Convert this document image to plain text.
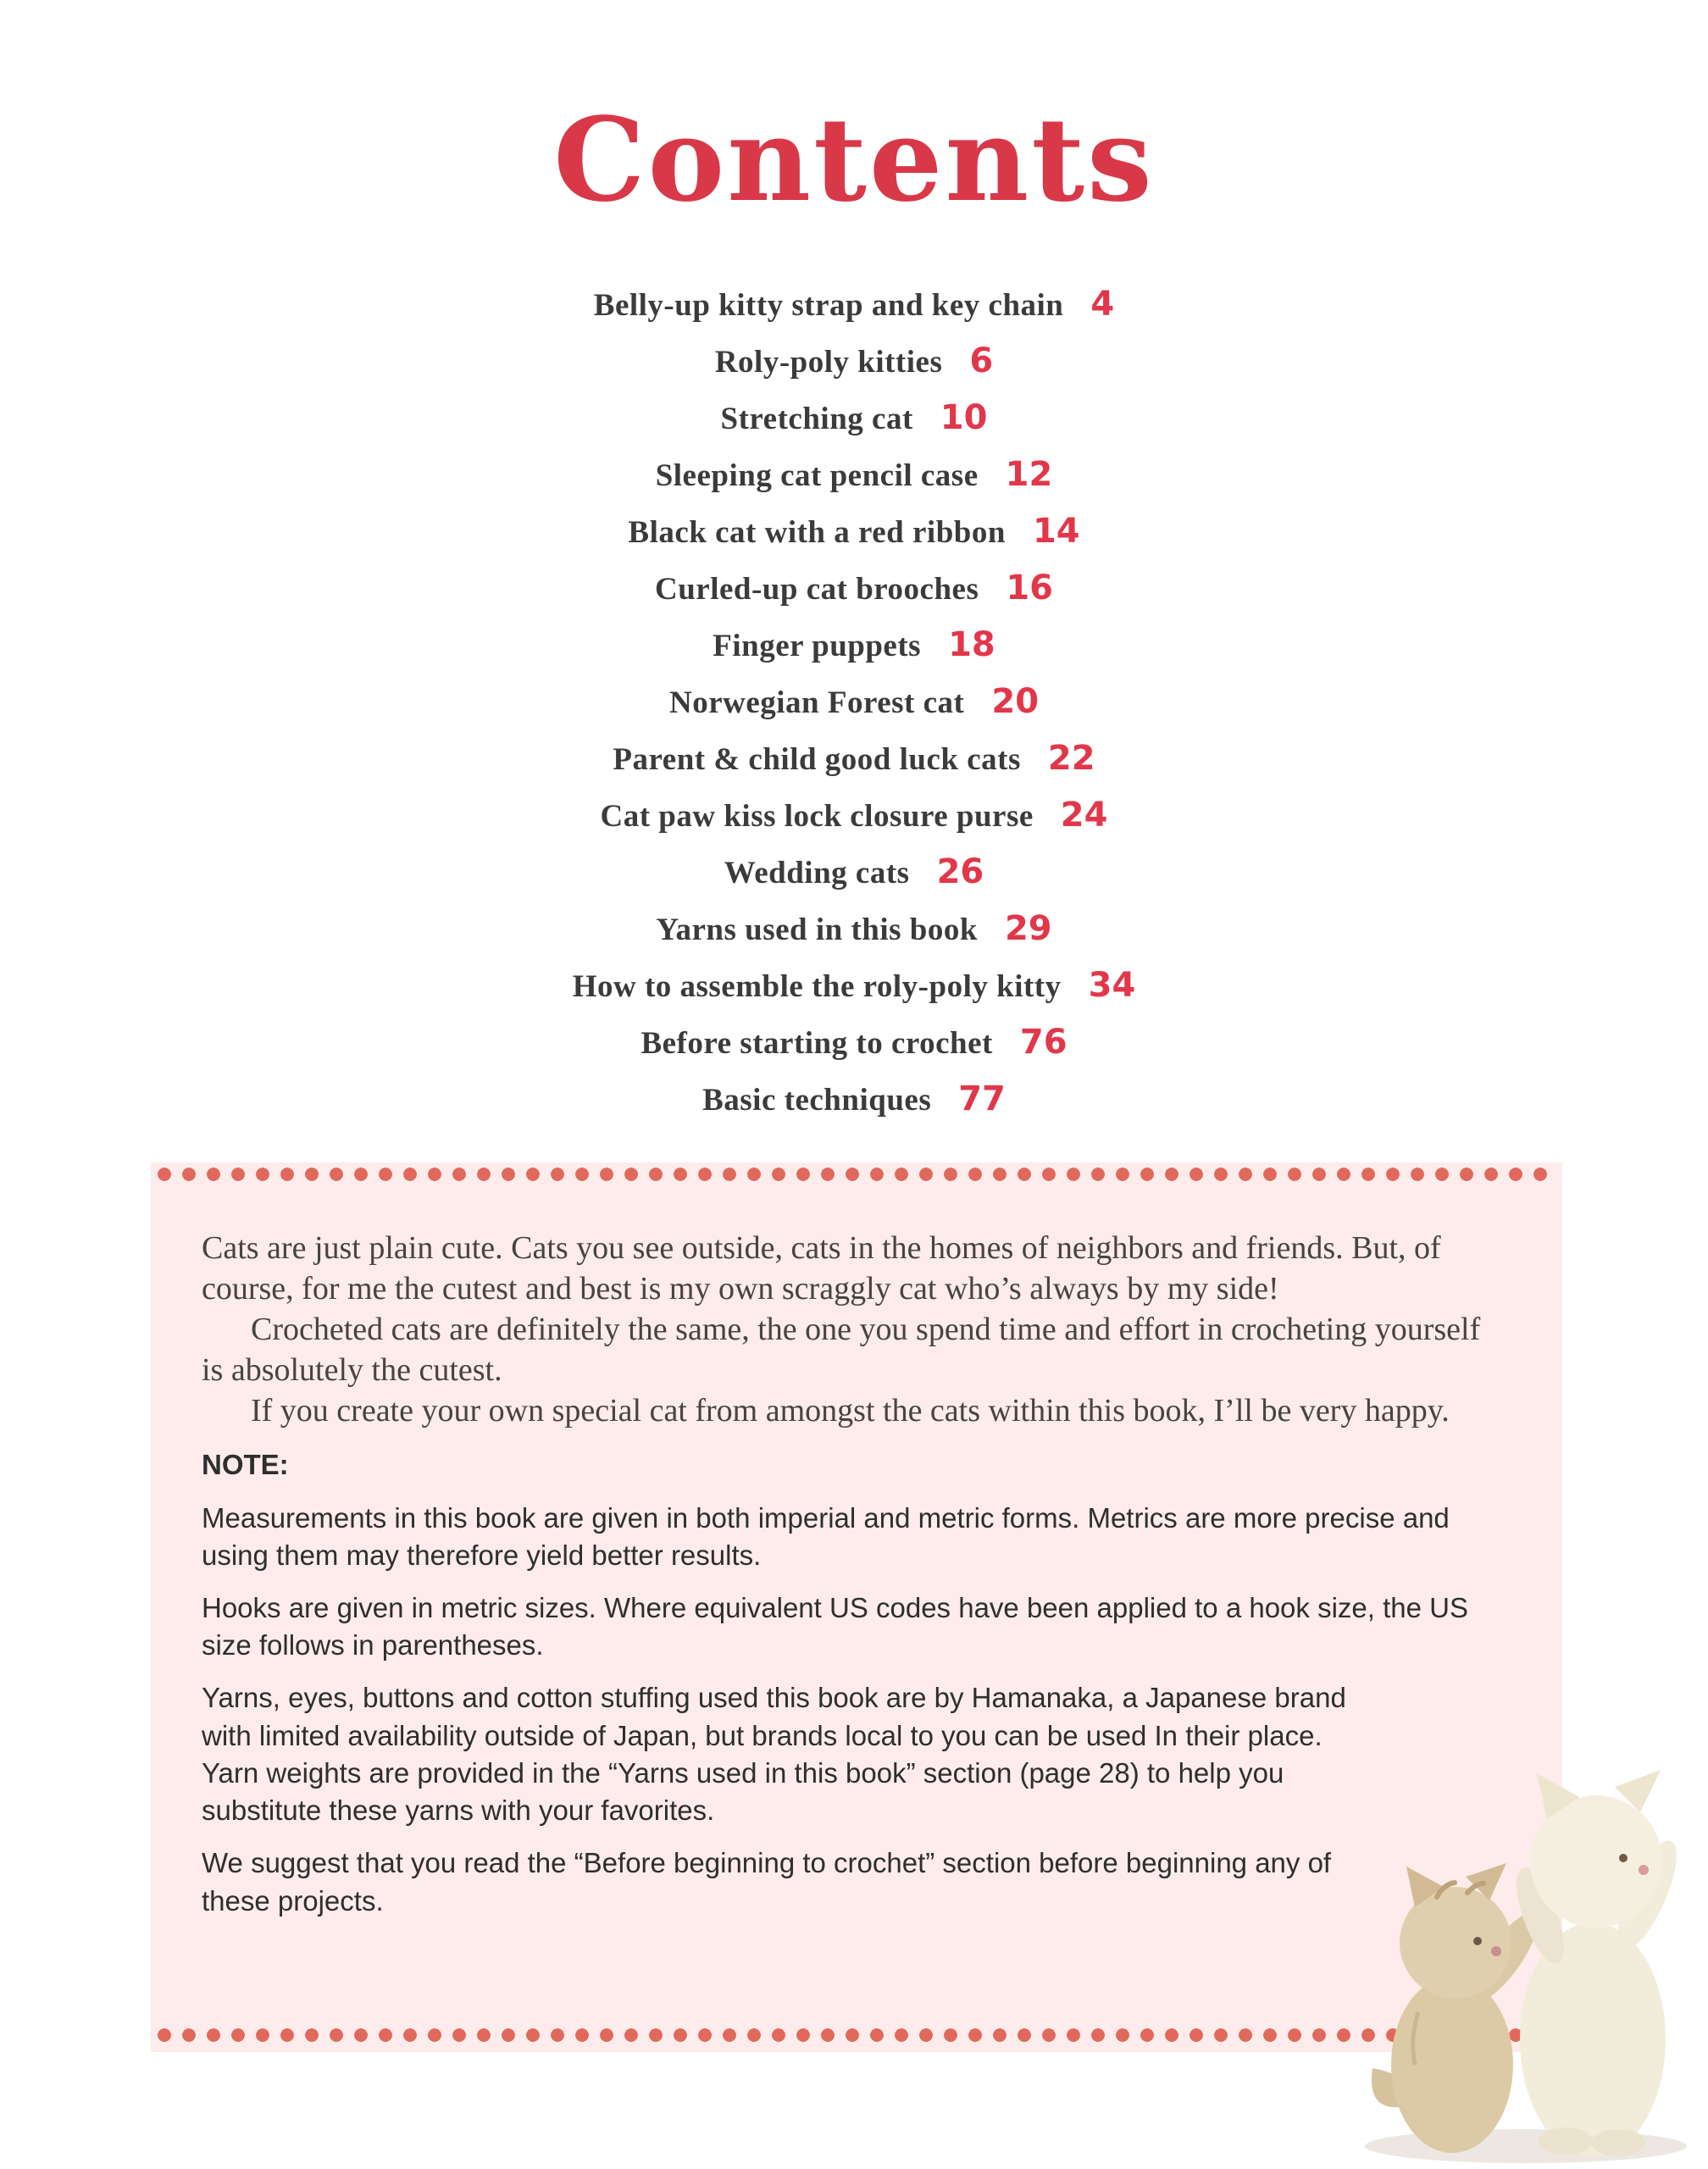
Contents
Belly-up kitty strap and key chain 4
Roly-poly kitties 6
Stretching cat 10
Sleeping cat pencil case 12
Black cat with a red ribbon 14
Curled-up cat brooches 16
Finger puppets 18
Norwegian Forest cat 20
Parent & child good luck cats 22
Cat paw kiss lock closure purse 24
Wedding cats 26
Yarns used in this book 29
How to assemble the roly-poly kitty 34
Before starting to crochet 76
Basic techniques 77

Cats are just plain cute. Cats you see outside, cats in the homes of neighbors and friends. But, of course, for me the cutest and best is my own scraggly cat who’s always by my side!

Crocheted cats are definitely the same, the one you spend time and effort in crocheting yourself is absolutely the cutest.

If you create your own special cat from amongst the cats within this book, I’ll be very happy.

NOTE:

Measurements in this book are given in both imperial and metric forms. Metrics are more precise and using them may therefore yield better results.

Hooks are given in metric sizes. Where equivalent US codes have been applied to a hook size, the US size follows in parentheses.

Yarns, eyes, buttons and cotton stuffing used this book are by Hamanaka, a Japanese brand with limited availability outside of Japan, but brands local to you can be used In their place. Yarn weights are provided in the “Yarns used in this book” section (page 28) to help you substitute these yarns with your favorites.

We suggest that you read the “Before beginning to crochet” section before beginning any of these projects.
